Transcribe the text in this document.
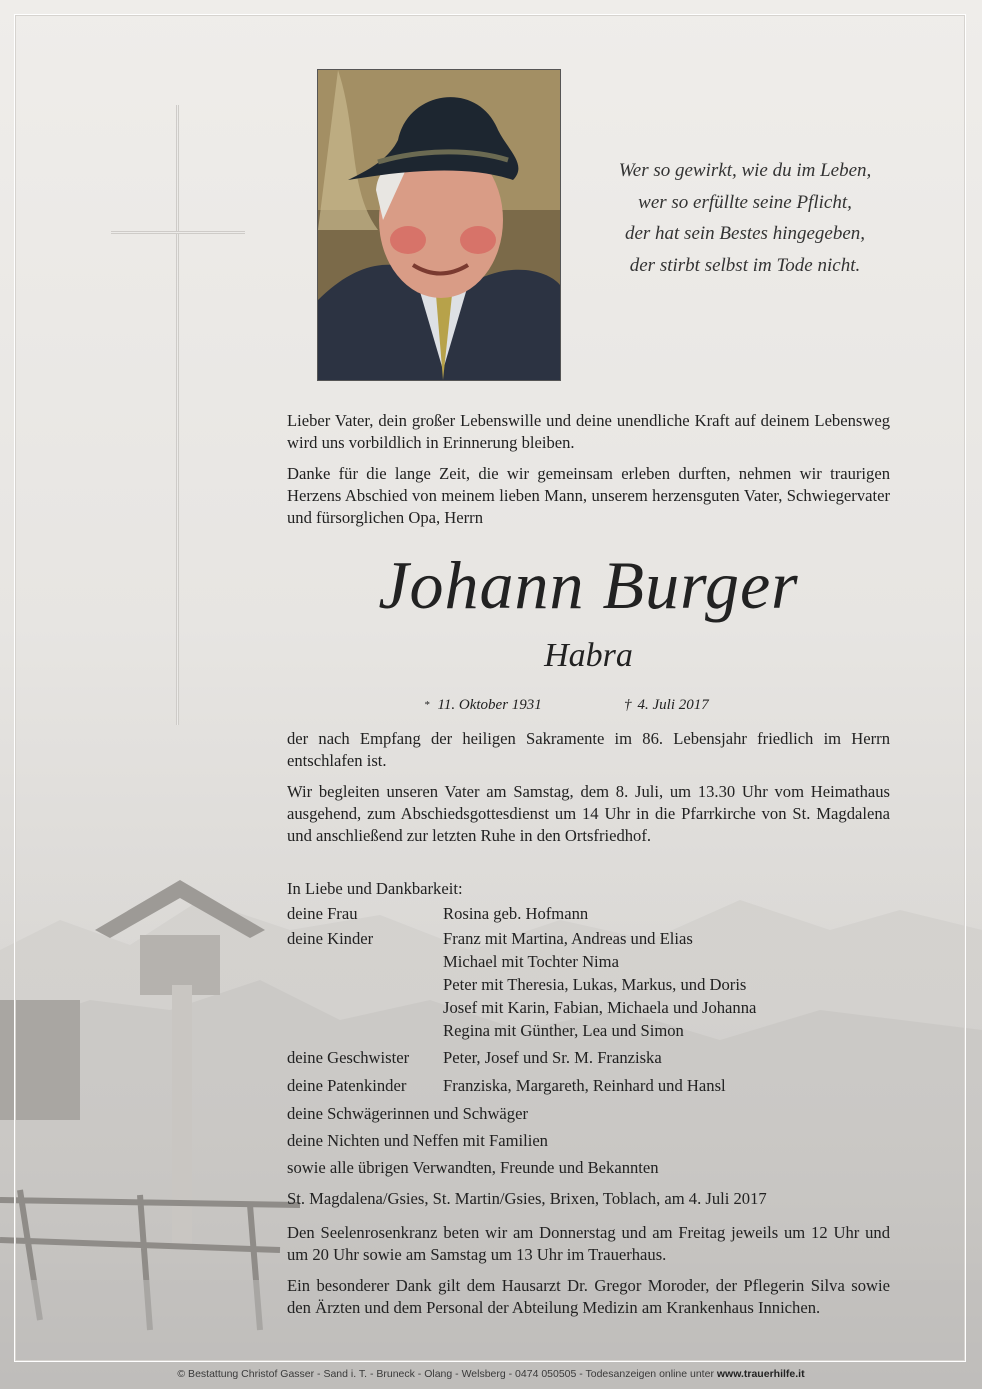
Wer so gewirkt, wie du im Leben,
wer so erfüllte seine Pflicht,
der hat sein Bestes hingegeben,
der stirbt selbst im Tode nicht.
Lieber Vater, dein großer Lebenswille und deine unendliche Kraft auf deinem Lebensweg wird uns vorbildlich in Erinnerung bleiben.
Danke für die lange Zeit, die wir gemeinsam erleben durften, nehmen wir traurigen Herzens Abschied von meinem lieben Mann, unserem herzensguten Vater, Schwiegervater und fürsorglichen Opa, Herrn
Johann Burger
Habra
* 11. Oktober 1931	† 4. Juli 2017
der nach Empfang der heiligen Sakramente im 86. Lebensjahr friedlich im Herrn entschlafen ist.
Wir begleiten unseren Vater am Samstag, dem 8. Juli, um 13.30 Uhr vom Heimathaus ausgehend, zum Abschiedsgottesdienst um 14 Uhr in die Pfarrkirche von St. Magdalena und anschließend zur letzten Ruhe in den Ortsfriedhof.
In Liebe und Dankbarkeit:
deine Frau	Rosina geb. Hofmann
deine Kinder	Franz mit Martina, Andreas und Elias
Michael mit Tochter Nima
Peter mit Theresia, Lukas, Markus, und Doris
Josef mit Karin, Fabian, Michaela und Johanna
Regina mit Günther, Lea und Simon
deine Geschwister Peter, Josef und Sr. M. Franziska
deine Patenkinder Franziska, Margareth, Reinhard und Hansl
deine Schwägerinnen und Schwäger
deine Nichten und Neffen mit Familien
sowie alle übrigen Verwandten, Freunde und Bekannten
St. Magdalena/Gsies, St. Martin/Gsies, Brixen, Toblach, am 4. Juli 2017
Den Seelenrosenkranz beten wir am Donnerstag und am Freitag jeweils um 12 Uhr und um 20 Uhr sowie am Samstag um 13 Uhr im Trauerhaus.
Ein besonderer Dank gilt dem Hausarzt Dr. Gregor Moroder, der Pflegerin Silva sowie den Ärzten und dem Personal der Abteilung Medizin am Krankenhaus Innichen.
© Bestattung Christof Gasser - Sand i. T. - Bruneck - Olang - Welsberg - 0474 050505 - Todesanzeigen online unter www.trauerhilfe.it
